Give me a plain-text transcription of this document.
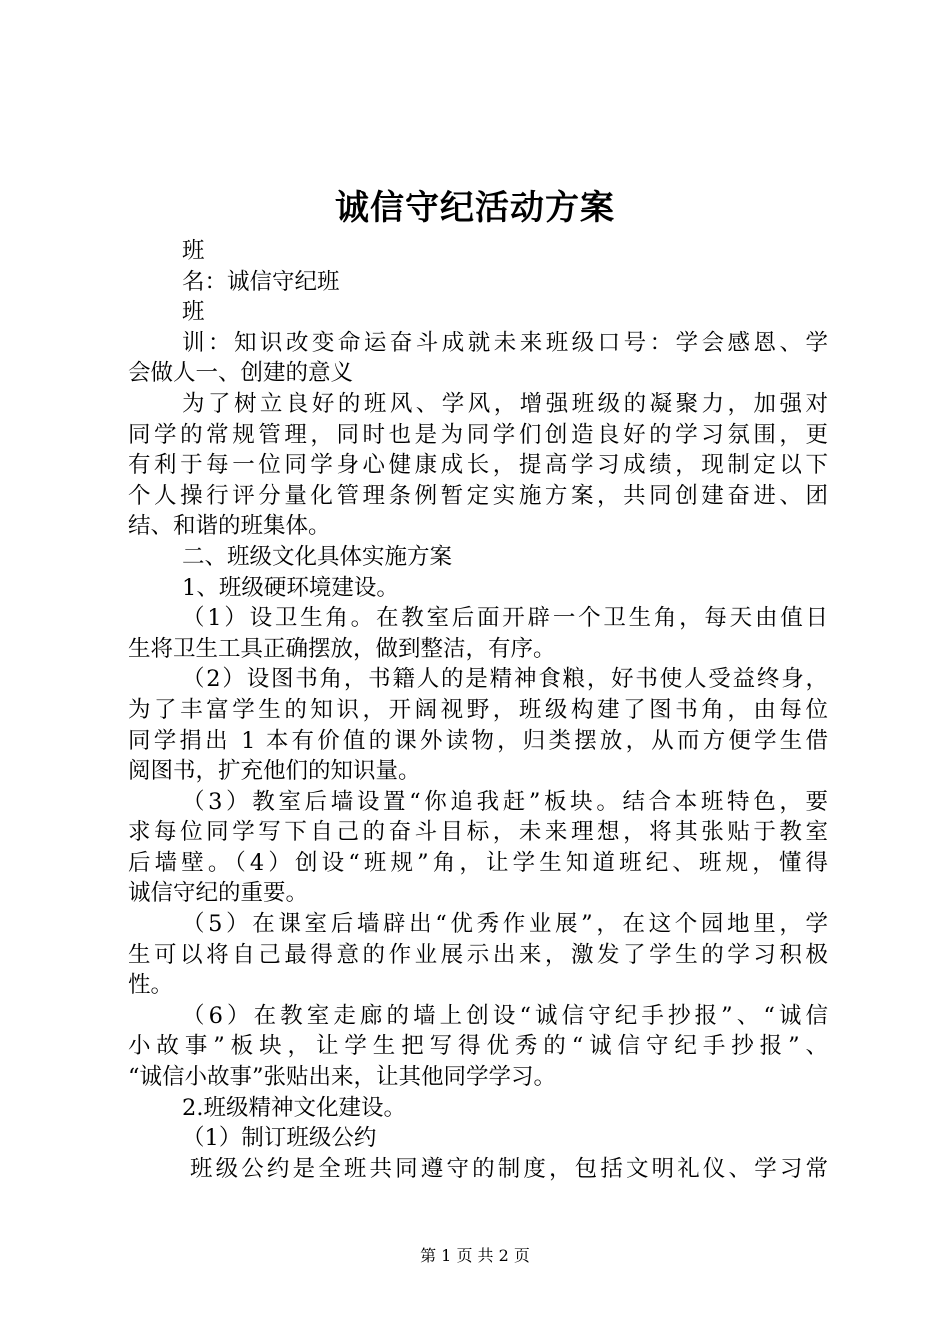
诚信守纪活动方案
班
名：诚信守纪班
班
训：知识改变命运奋斗成就未来班级口号：学会感恩、学
会做人一、创建的意义
为了树立良好的班风、学风，增强班级的凝聚力，加强对
同学的常规管理，同时也是为同学们创造良好的学习氛围，更
有利于每一位同学身心健康成长，提高学习成绩，现制定以下
个人操行评分量化管理条例暂定实施方案，共同创建奋进、团
结、和谐的班集体。
二、班级文化具体实施方案
1、班级硬环境建设。
（1）设卫生角。在教室后面开辟一个卫生角，每天由值日
生将卫生工具正确摆放，做到整洁，有序。
（2）设图书角，书籍人的是精神食粮，好书使人受益终身，
为了丰富学生的知识，开阔视野，班级构建了图书角，由每位
同学捐出 1 本有价值的课外读物，归类摆放，从而方便学生借
阅图书，扩充他们的知识量。
（3）教室后墙设置“你追我赶”板块。结合本班特色，要
求每位同学写下自己的奋斗目标，未来理想，将其张贴于教室
后墙壁。（4）创设“班规”角，让学生知道班纪、班规，懂得
诚信守纪的重要。
（5）在课室后墙辟出“优秀作业展”，在这个园地里，学
生可以将自己最得意的作业展示出来，激发了学生的学习积极
性。
（6）在教室走廊的墙上创设“诚信守纪手抄报”、“诚信
小故事”板块，让学生把写得优秀的“诚信守纪手抄报”、
“诚信小故事”张贴出来，让其他同学学习。
2.班级精神文化建设。
（1）制订班级公约
班级公约是全班共同遵守的制度，包括文明礼仪、学习常
第 1 页 共 2 页
